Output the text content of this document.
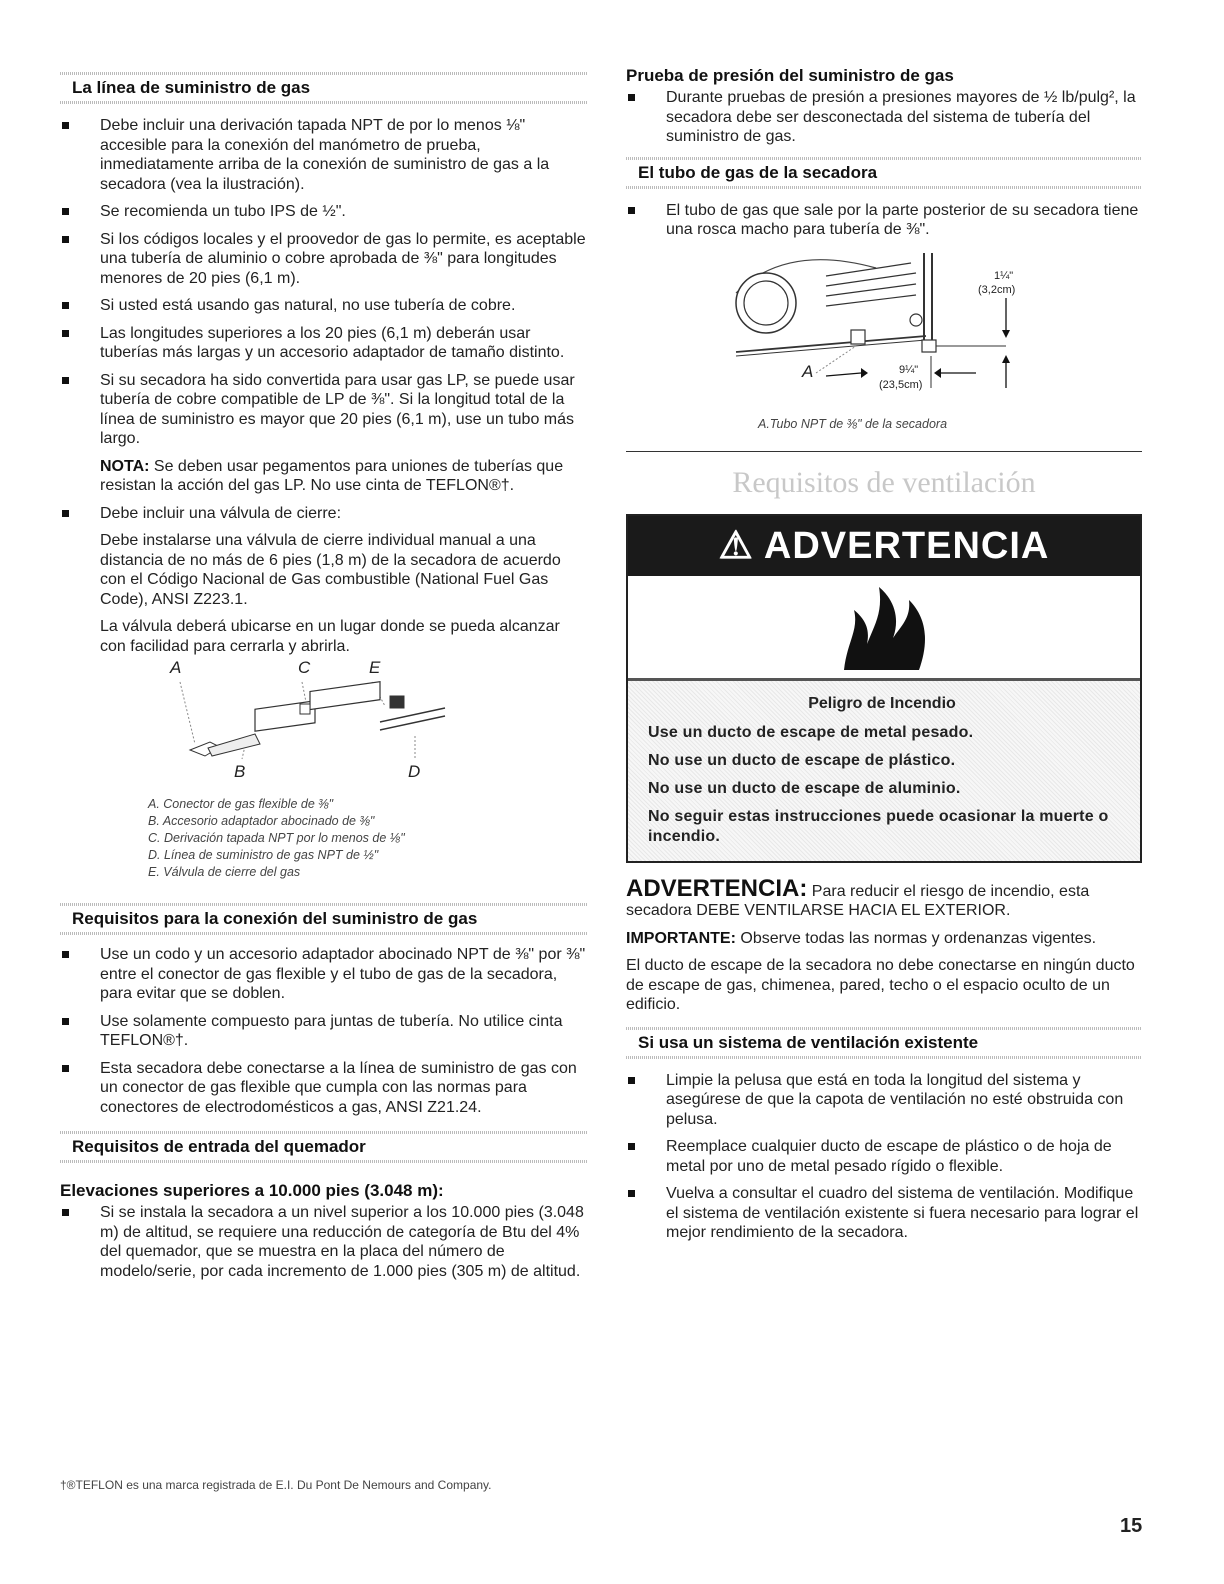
La línea de suministro de gas
Debe incluir una derivación tapada NPT de por lo menos ⅛" accesible para la conexión del manómetro de prueba, inmediatamente arriba de la conexión de suministro de gas a la secadora (vea la ilustración).
Se recomienda un tubo IPS de ½".
Si los códigos locales y el proovedor de gas lo permite, es aceptable una tubería de aluminio o cobre aprobada de ⅜" para longitudes menores de 20 pies (6,1 m).
Si usted está usando gas natural, no use tubería de cobre.
Las longitudes superiores a los 20 pies (6,1 m) deberán usar tuberías más largas y un accesorio adaptador de tamaño distinto.
Si su secadora ha sido convertida para usar gas LP, se puede usar tubería de cobre compatible de LP de ⅜". Si la longitud total de la línea de suministro es mayor que 20 pies (6,1 m), use un tubo más largo.

NOTA: Se deben usar pegamentos para uniones de tuberías que resistan la acción del gas LP. No use cinta de TEFLON®†.

Debe incluir una válvula de cierre:

Debe instalarse una válvula de cierre individual manual a una distancia de no más de 6 pies (1,8 m) de la secadora de acuerdo con el Código Nacional de Gas combustible (National Fuel Gas Code), ANSI Z223.1.

La válvula deberá ubicarse en un lugar donde se pueda alcanzar con facilidad para cerrarla y abrirla.

A	C	E
B	D
A. Conector de gas flexible de ⅜"
B. Accesorio adaptador abocinado de ⅜"
C. Derivación tapada NPT por lo menos de ⅛"
D. Línea de suministro de gas NPT de ½"
E. Válvula de cierre del gas
Requisitos para la conexión del suministro de gas
Use un codo y un accesorio adaptador abocinado NPT de ⅜" por ⅜" entre el conector de gas flexible y el tubo de gas de la secadora, para evitar que se doblen.
Use solamente compuesto para juntas de tubería. No utilice cinta TEFLON®†.
Esta secadora debe conectarse a la línea de suministro de gas con un conector de gas flexible que cumpla con las normas para conectores de electrodomésticos a gas, ANSI Z21.24.
Requisitos de entrada del quemador

Elevaciones superiores a 10.000 pies (3.048 m):

Si se instala la secadora a un nivel superior a los 10.000 pies (3.048 m) de altitud, se requiere una reducción de categoría de Btu del 4% del quemador, que se muestra en la placa del número de modelo/serie, por cada incremento de 1.000 pies (305 m) de altitud.
†®TEFLON es una marca registrada de E.I. Du Pont De Nemours and Company.

Prueba de presión del suministro de gas

Durante pruebas de presión a presiones mayores de ½ lb/pulg², la secadora debe ser desconectada del sistema de tubería del suministro de gas.
El tubo de gas de la secadora
El tubo de gas que sale por la parte posterior de su secadora tiene una rosca macho para tubería de ⅜".
1¼"
(3,2cm)
9¼"
(23,5cm)
A
A.Tubo NPT de ⅜" de la secadora
Requisitos de ventilación
⚠ ADVERTENCIA
Peligro de Incendio
Use un ducto de escape de metal pesado.
No use un ducto de escape de plástico.
No use un ducto de escape de aluminio.
No seguir estas instrucciones puede ocasionar la muerte o incendio.

ADVERTENCIA: Para reducir el riesgo de incendio, esta secadora DEBE VENTILARSE HACIA EL EXTERIOR.

IMPORTANTE: Observe todas las normas y ordenanzas vigentes.

El ducto de escape de la secadora no debe conectarse en ningún ducto de escape de gas, chimenea, pared, techo o el espacio oculto de un edificio.

Si usa un sistema de ventilación existente
Limpie la pelusa que está en toda la longitud del sistema y asegúrese de que la capota de ventilación no esté obstruida con pelusa.
Reemplace cualquier ducto de escape de plástico o de hoja de metal por uno de metal pesado rígido o flexible.
Vuelva a consultar el cuadro del sistema de ventilación. Modifique el sistema de ventilación existente si fuera necesario para lograr el mejor rendimiento de la secadora.
15
